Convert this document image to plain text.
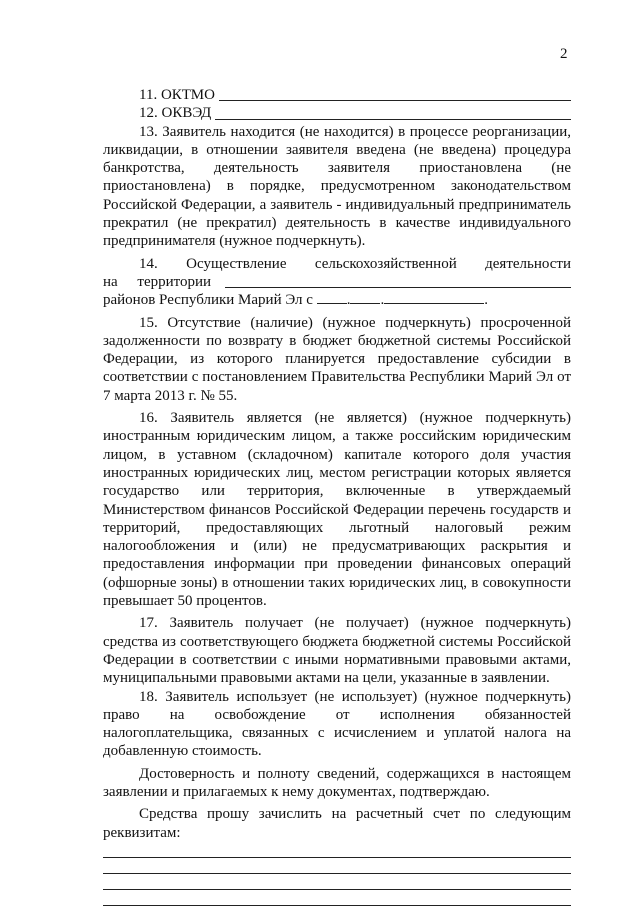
2
11. ОКТМО
12. ОКВЭД

13. Заявитель находится (не находится) в процессе реорганизации, ликвидации, в отношении заявителя введена (не введена) процедура банкротства, деятельность заявителя приостановлена (не приостановлена) в порядке, предусмотренном законодательством Российской Федерации, а заявитель - индивидуальный предприниматель прекратил (не прекратил) деятельность в качестве индивидуального предпринимателя (нужное подчеркнуть).

14. Осуществление сельскохозяйственной деятельности

на территории
районов Республики Марий Эл с . .	.

15. Отсутствие (наличие) (нужное подчеркнуть) просроченной задолженности по возврату в бюджет бюджетной системы Российской Федерации, из которого планируется предоставление субсидии в соответствии с постановлением Правительства Республики Марий Эл от 7 марта 2013 г. № 55.

16. Заявитель является (не является) (нужное подчеркнуть) иностранным юридическим лицом, а также российским юридическим лицом, в уставном (складочном) капитале которого доля участия иностранных юридических лиц, местом регистрации которых является государство или территория, включенные в утверждаемый Министерством финансов Российской Федерации перечень государств и территорий, предоставляющих льготный налоговый режим налогообложения и (или) не предусматривающих раскрытия и предоставления информации при проведении финансовых операций (офшорные зоны) в отношении таких юридических лиц, в совокупности превышает 50 процентов.

17. Заявитель получает (не получает) (нужное подчеркнуть) средства из соответствующего бюджета бюджетной системы Российской Федерации в соответствии с иными нормативными правовыми актами, муниципальными правовыми актами на цели, указанные в заявлении.

18. Заявитель использует (не использует) (нужное подчеркнуть) право на освобождение от исполнения обязанностей налогоплательщика, связанных с исчислением и уплатой налога на добавленную стоимость.

Достоверность и полноту сведений, содержащихся в настоящем заявлении и прилагаемых к нему документах, подтверждаю.

Средства прошу зачислить на расчетный счет по следующим реквизитам:
